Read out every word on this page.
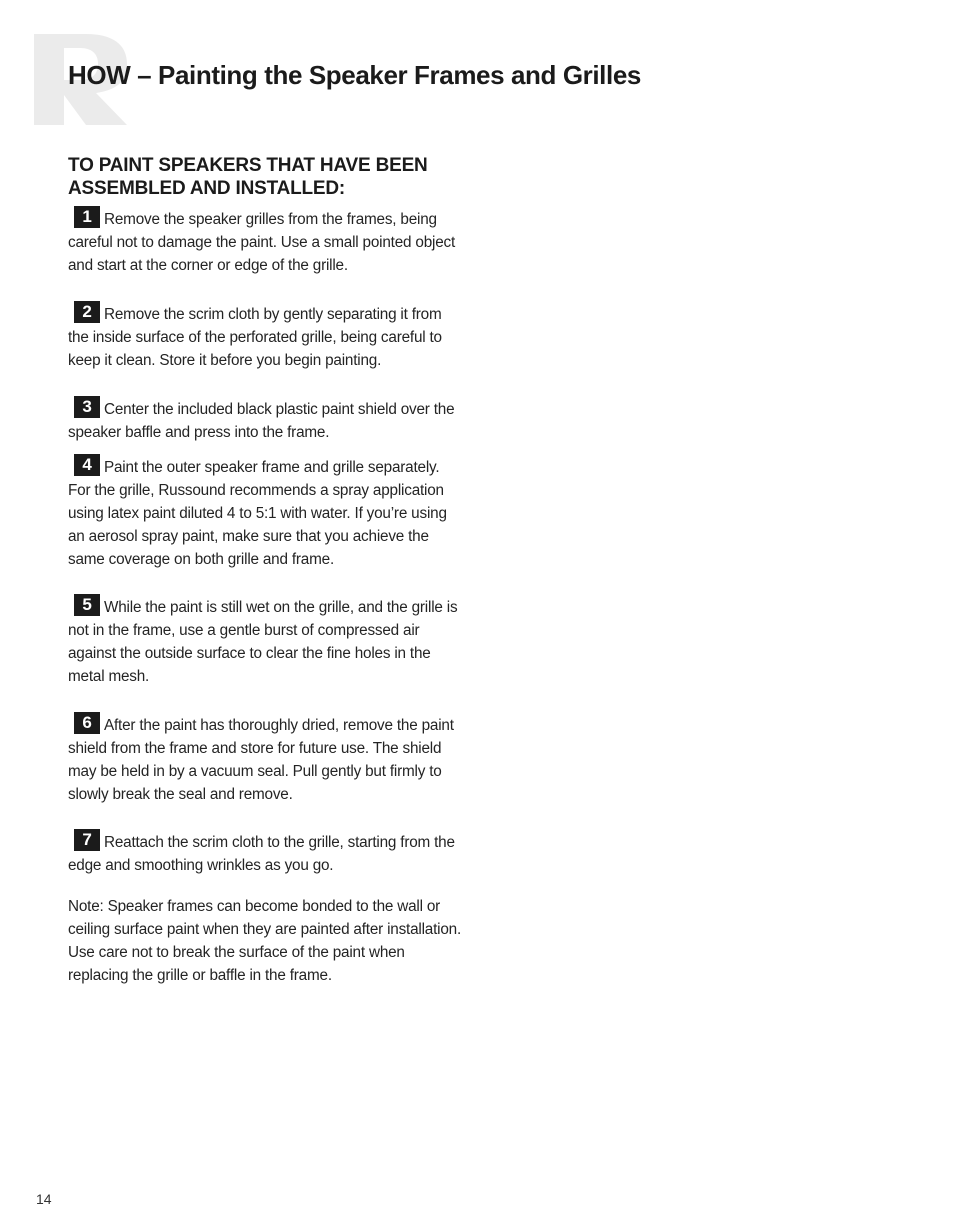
HOW – Painting the Speaker Frames and Grilles
TO PAINT SPEAKERS THAT HAVE BEEN ASSEMBLED AND INSTALLED:

1 Remove the speaker grilles from the frames, being careful not to damage the paint. Use a small pointed object and start at the corner or edge of the grille.

2 Remove the scrim cloth by gently separating it from the inside surface of the perforated grille, being careful to keep it clean. Store it before you begin painting.

3 Center the included black plastic paint shield over the speaker baffle and press into the frame.

4 Paint the outer speaker frame and grille separately. For the grille, Russound recommends a spray application using latex paint diluted 4 to 5:1 with water. If you’re using an aerosol spray paint, make sure that you achieve the same coverage on both grille and frame.

5 While the paint is still wet on the grille, and the grille is not in the frame, use a gentle burst of compressed air against the outside surface to clear the fine holes in the metal mesh.

6 After the paint has thoroughly dried, remove the paint shield from the frame and store for future use. The shield may be held in by a vacuum seal. Pull gently but firmly to slowly break the seal and remove.

7 Reattach the scrim cloth to the grille, starting from the edge and smoothing wrinkles as you go.

Note: Speaker frames can become bonded to the wall or ceiling surface paint when they are painted after installation. Use care not to break the surface of the paint when replacing the grille or baffle in the frame.

14
